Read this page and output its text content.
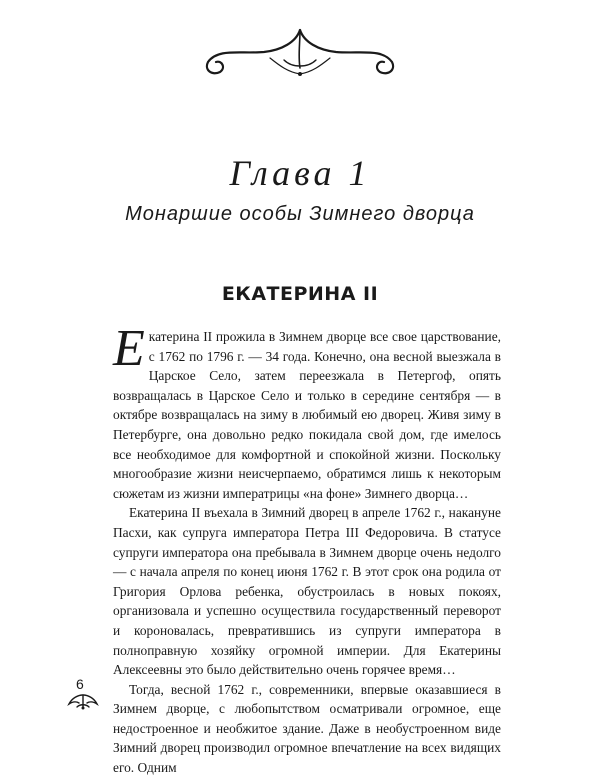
Глава 1
Монаршие особы Зимнего дворца
ЕКАТЕРИНА II

Екатерина II прожила в Зимнем дворце все свое царствование, с 1762 по 1796 г. — 34 года. Конечно, она весной выезжала в Царское Село, затем переезжала в Петергоф, опять возвращалась в Царское Село и только в середине сентября — в октябре возвращалась на зиму в любимый ею дворец. Живя зиму в Петербурге, она довольно редко покидала свой дом, где имелось все необходимое для комфортной и спокойной жизни. Поскольку многообразие жизни неисчерпаемо, обратимся лишь к некоторым сюжетам из жизни императрицы «на фоне» Зимнего дворца…

Екатерина II въехала в Зимний дворец в апреле 1762 г., накануне Пасхи, как супруга императора Петра III Федоровича. В статусе супруги императора она пребывала в Зимнем дворце очень недолго — с начала апреля по конец июня 1762 г. В этот срок она родила от Григория Орлова ребенка, обустроилась в новых покоях, организовала и успешно осуществила государственный переворот и короновалась, превратившись из супруги императора в полноправную хозяйку огромной империи. Для Екатерины Алексеевны это было действительно очень горячее время…

Тогда, весной 1762 г., современники, впервые оказавшиеся в Зимнем дворце, с любопытством осматривали огромное, еще недостроенное и необжитое здание. Даже в необустроенном виде Зимний дворец производил огромное впечатление на всех видящих его. Одним

6
